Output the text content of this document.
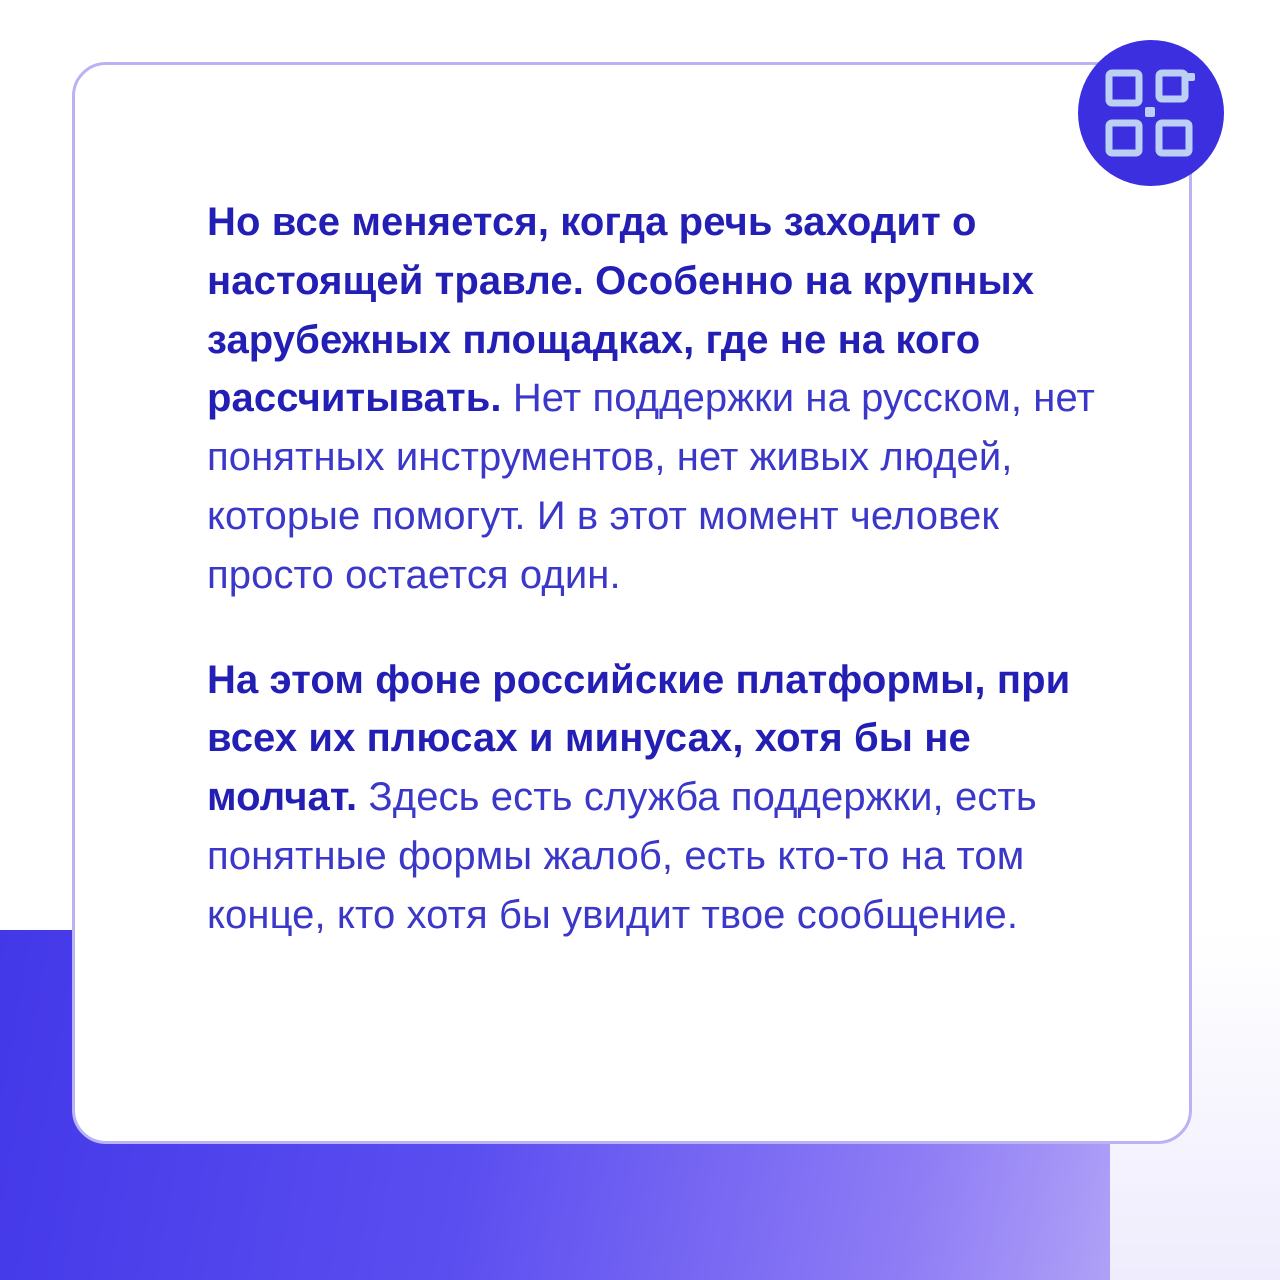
Но все меняется, когда речь заходит о настоящей травле. Особенно на крупных зарубежных площадках, где не на кого рассчитывать. Нет поддержки на русском, нет понятных инструментов, нет живых людей, которые помогут. И в этот момент человек просто остается один.

На этом фоне российские платформы, при всех их плюсах и минусах, хотя бы не молчат. Здесь есть служба поддержки, есть понятные формы жалоб, есть кто-то на том конце, кто хотя бы увидит твое сообщение.
